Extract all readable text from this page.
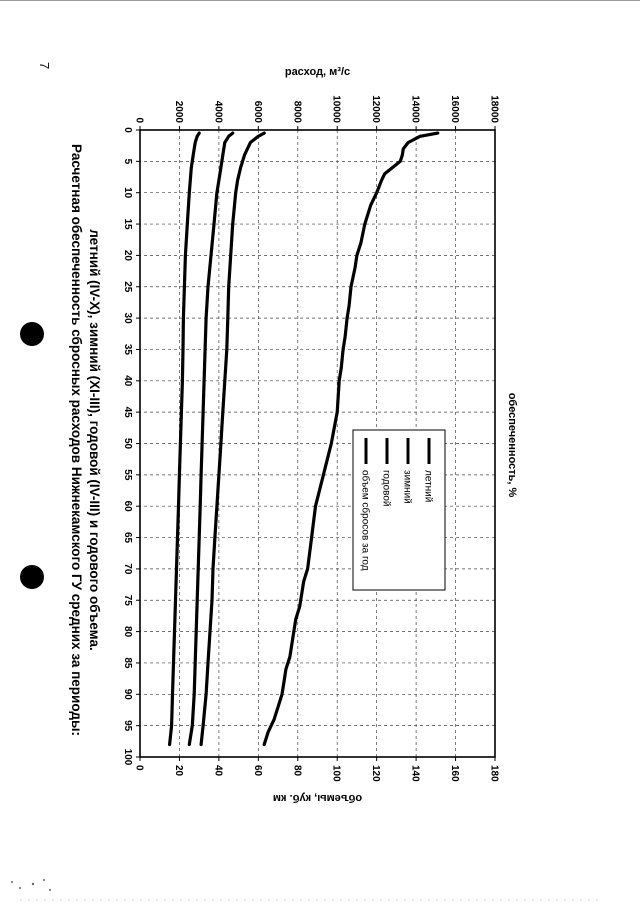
7
0
5
10
15
20
25
30
35
40
45
50
55
60
65
70
75
80
85
90
95
100
0	2000	4000	6000	8000	10000	12000	14000	16000	18000
0	20	40	60	80	100	120	140	160	180
Расчетная обеспеченность сбросных расходов Нижнекамского ГУ средних за периоды: летний (IV-X), зимний (XI-III), годовой (IV-III) и годового объема.	обеспеченность, %
расход, м³/с
объемы, куб. км
летний
зимний
годовой
объем сбросов за год
